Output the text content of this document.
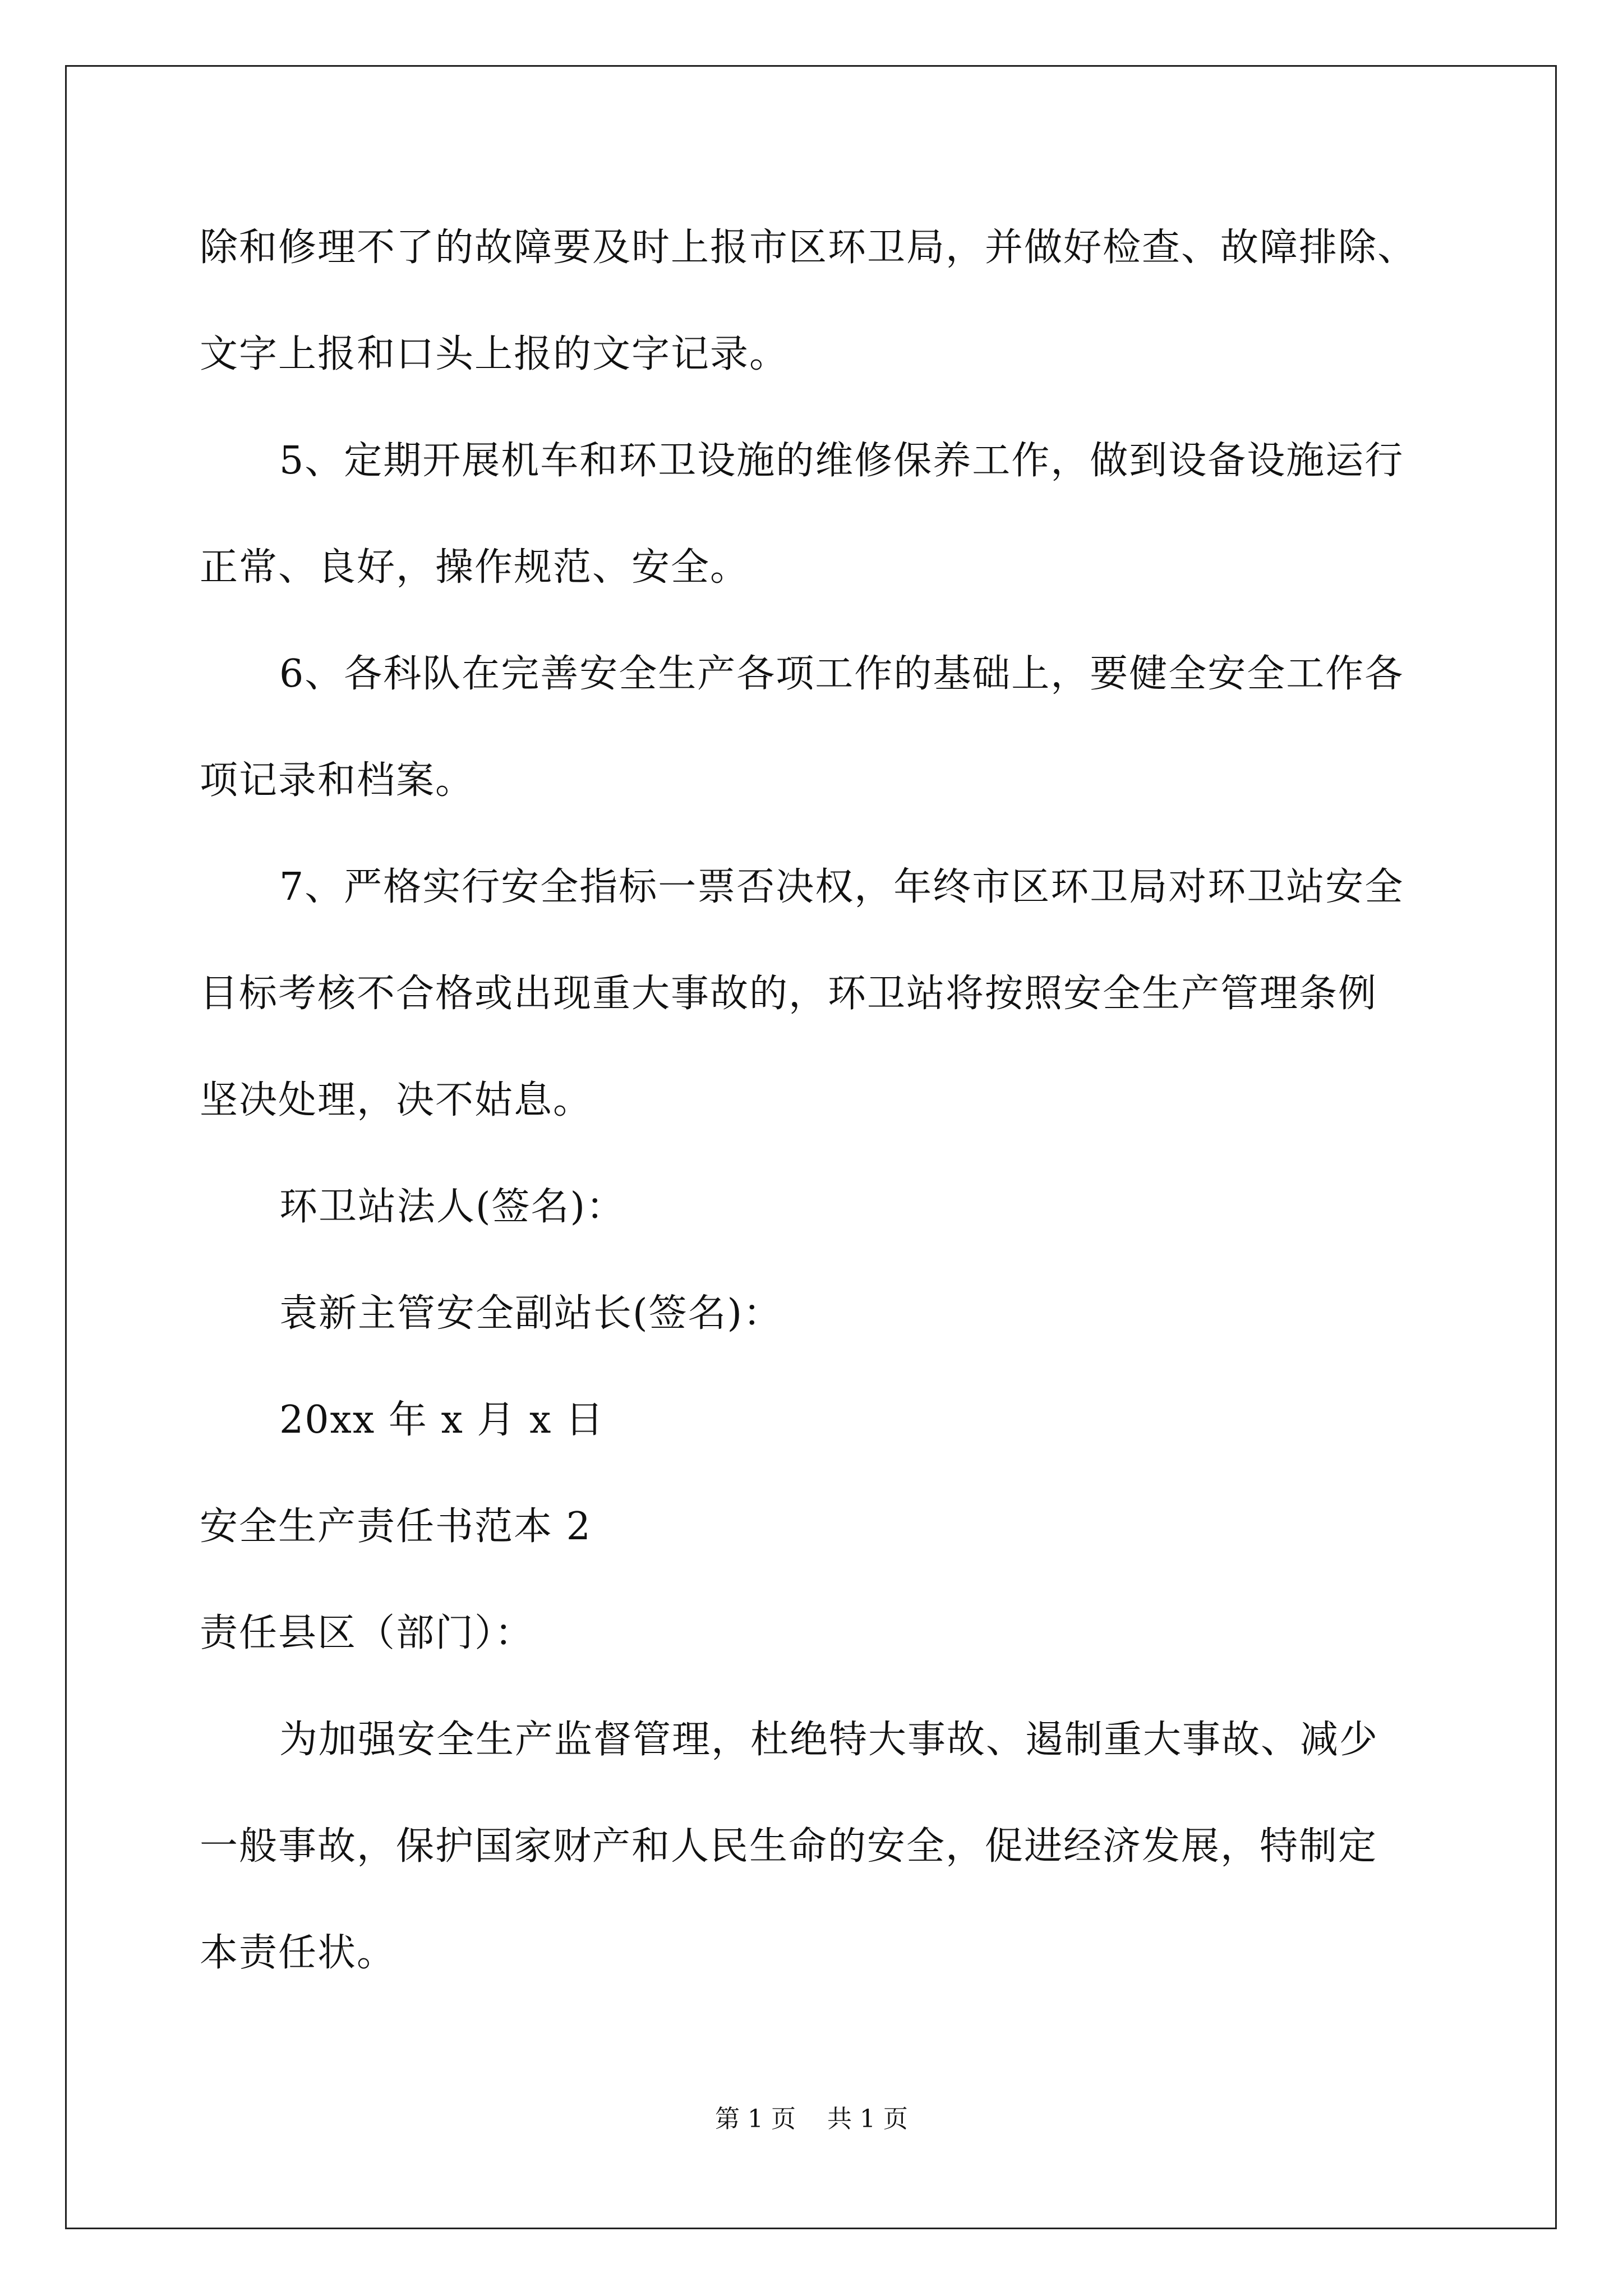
除和修理不了的故障要及时上报市区环卫局，并做好检查、故障排除、
文字上报和口头上报的文字记录。
5、定期开展机车和环卫设施的维修保养工作，做到设备设施运行
正常、良好，操作规范、安全。
6、各科队在完善安全生产各项工作的基础上，要健全安全工作各
项记录和档案。
7、严格实行安全指标一票否决权，年终市区环卫局对环卫站安全
目标考核不合格或出现重大事故的，环卫站将按照安全生产管理条例
坚决处理，决不姑息。
环卫站法人(签名)：
袁新主管安全副站长(签名)：
20xx 年 x 月 x 日
安全生产责任书范本 2
责任县区（部门）：
为加强安全生产监督管理，杜绝特大事故、遏制重大事故、减少
一般事故，保护国家财产和人民生命的安全，促进经济发展，特制定
本责任状。
第 1 页    共 1 页
